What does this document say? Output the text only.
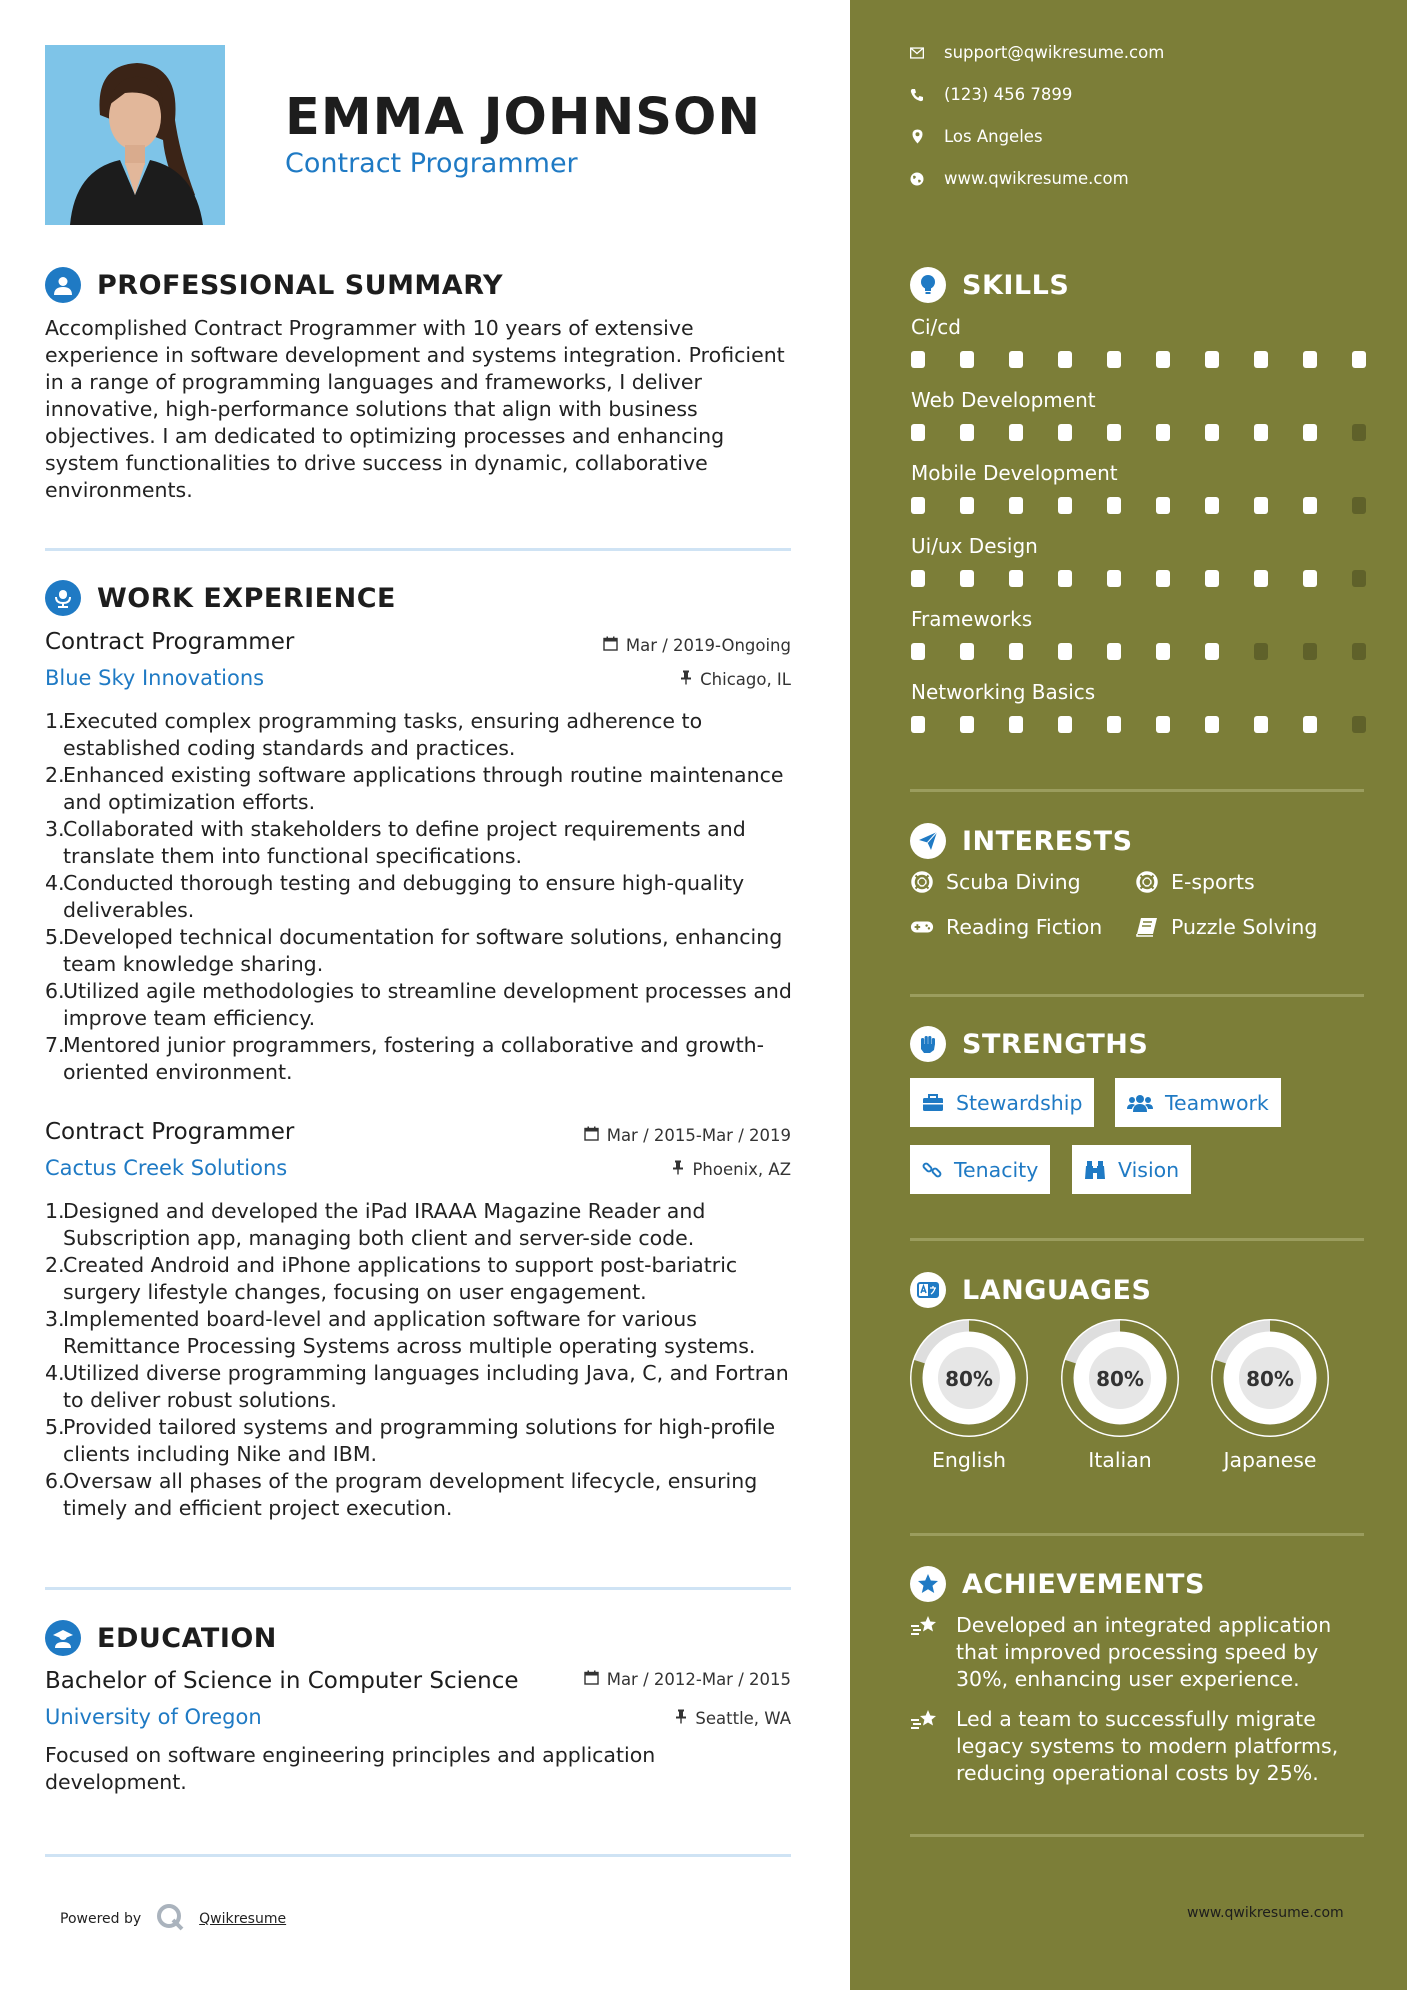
EMMA JOHNSON
Contract Programmer
PROFESSIONAL SUMMARY
Accomplished Contract Programmer with 10 years of extensive experience in software development and systems integration. Proficient in a range of programming languages and frameworks, I deliver innovative, high-performance solutions that align with business objectives. I am dedicated to optimizing processes and enhancing system functionalities to drive success in dynamic, collaborative environments.
WORK EXPERIENCE
Contract Programmer	Mar / 2019-Ongoing
Blue Sky Innovations	Chicago, IL
1.
Executed complex programming tasks, ensuring adherence to established coding standards and practices.
2.
Enhanced existing software applications through routine maintenance and optimization efforts.
3.
Collaborated with stakeholders to define project requirements and translate them into functional specifications.
4.
Conducted thorough testing and debugging to ensure high-quality deliverables.
5.
Developed technical documentation for software solutions, enhancing team knowledge sharing.
6.
Utilized agile methodologies to streamline development processes and improve team efficiency.
7.
Mentored junior programmers, fostering a collaborative and growth-oriented environment.
Contract Programmer	Mar / 2015-Mar / 2019
Cactus Creek Solutions	Phoenix, AZ
1.
Designed and developed the iPad IRAAA Magazine Reader and Subscription app, managing both client and server-side code.
2.
Created Android and iPhone applications to support post-bariatric surgery lifestyle changes, focusing on user engagement.
3.
Implemented board-level and application software for various Remittance Processing Systems across multiple operating systems.
4.
Utilized diverse programming languages including Java, C, and Fortran to deliver robust solutions.
5.
Provided tailored systems and programming solutions for high-profile clients including Nike and IBM.
6.
Oversaw all phases of the program development lifecycle, ensuring timely and efficient project execution.
EDUCATION
Bachelor of Science in Computer Science	Mar / 2012-Mar / 2015
University of Oregon	Seattle, WA
Focused on software engineering principles and application development.
Powered by	Qwikresume
support@qwikresume.com
(123) 456 7899
Los Angeles
www.qwikresume.com
SKILLS
Ci/cd
Web Development
Mobile Development
Ui/ux Design
Frameworks
Networking Basics
INTERESTS
Scuba Diving	E-sports
Reading Fiction	Puzzle Solving
STRENGTHS
Stewardship	Teamwork
Tenacity	Vision
LANGUAGES
80%
English
80%
Italian
80%
Japanese
ACHIEVEMENTS
Developed an integrated application that improved processing speed by 30%, enhancing user experience.
Led a team to successfully migrate legacy systems to modern platforms, reducing operational costs by 25%.
www.qwikresume.com
